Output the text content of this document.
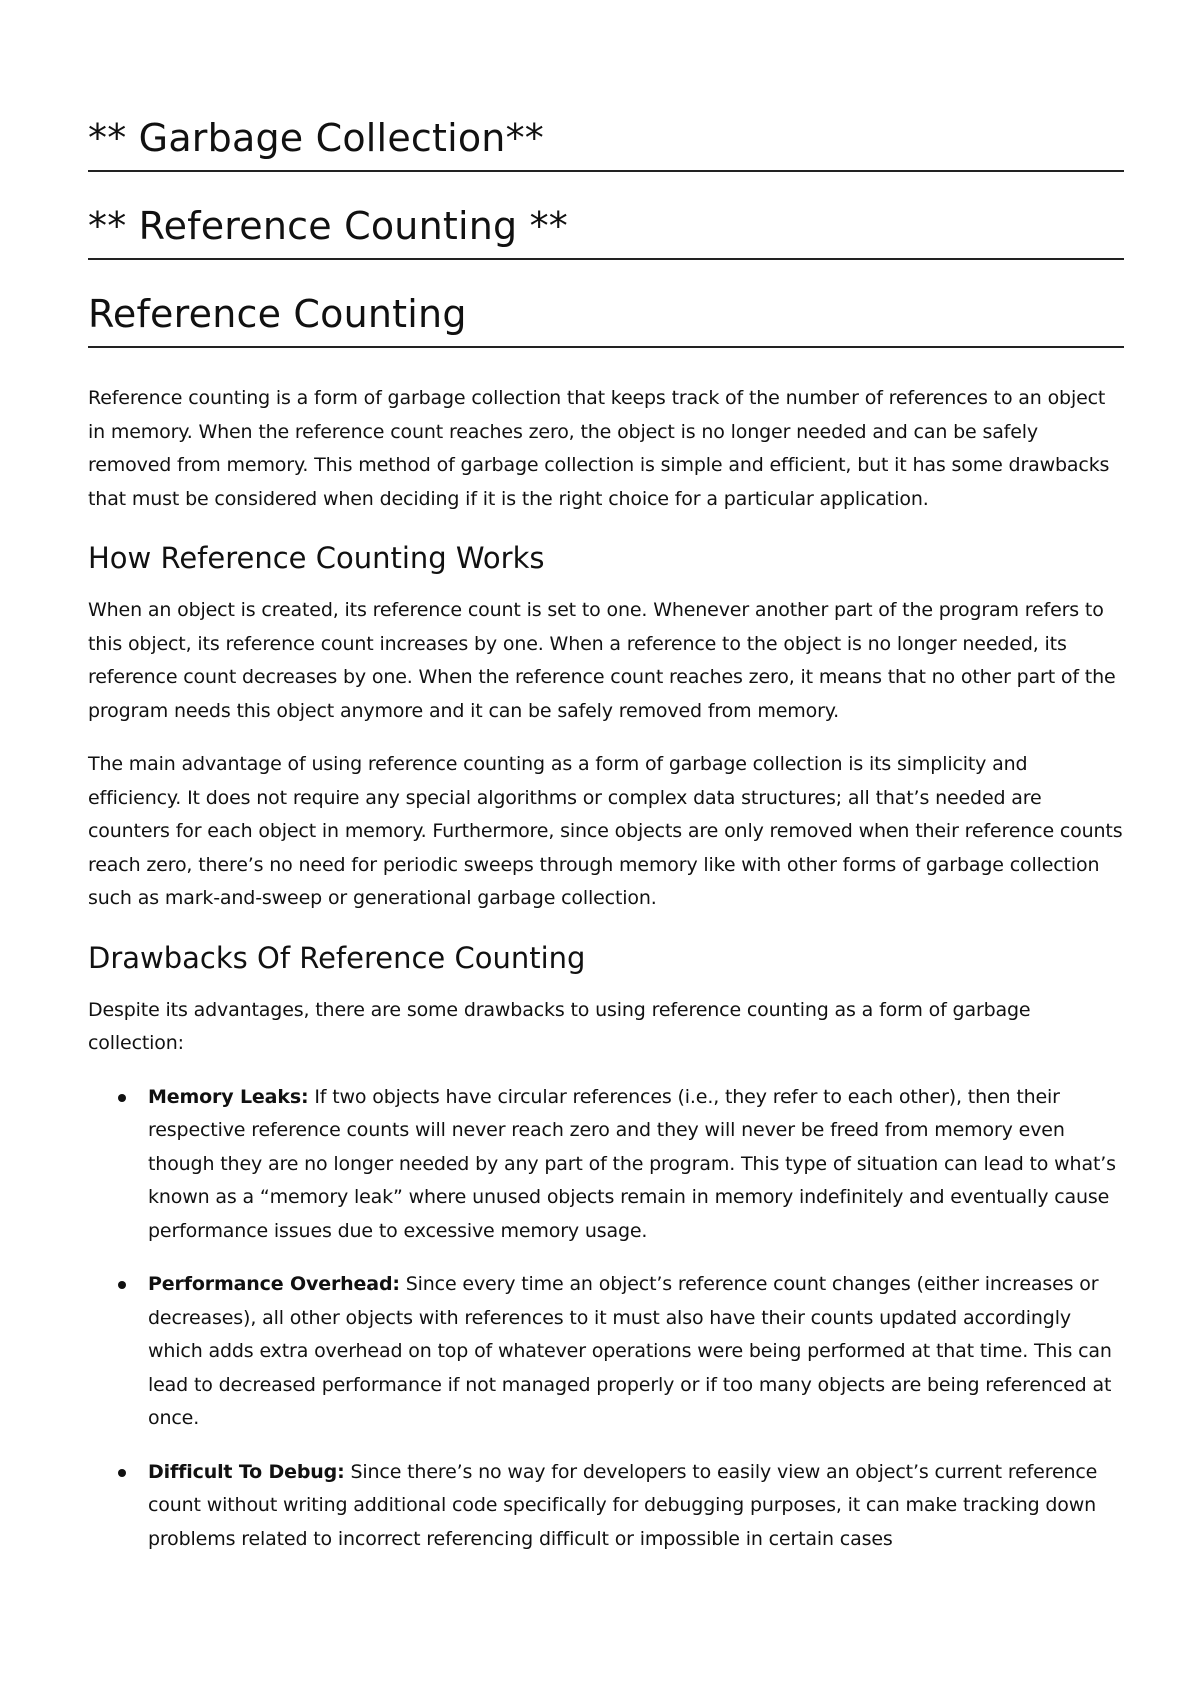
** Garbage Collection**
** Reference Counting **
Reference Counting

Reference counting is a form of garbage collection that keeps track of the number of references to an object in memory. When the reference count reaches zero, the object is no longer needed and can be safely removed from memory. This method of garbage collection is simple and efficient, but it has some drawbacks that must be considered when deciding if it is the right choice for a particular application.

How Reference Counting Works

When an object is created, its reference count is set to one. Whenever another part of the program refers to this object, its reference count increases by one. When a reference to the object is no longer needed, its reference count decreases by one. When the reference count reaches zero, it means that no other part of the program needs this object anymore and it can be safely removed from memory.

The main advantage of using reference counting as a form of garbage collection is its simplicity and efficiency. It does not require any special algorithms or complex data structures; all that’s needed are counters for each object in memory. Furthermore, since objects are only removed when their reference counts reach zero, there’s no need for periodic sweeps through memory like with other forms of garbage collection such as mark-and-sweep or generational garbage collection.

Drawbacks Of Reference Counting

Despite its advantages, there are some drawbacks to using reference counting as a form of garbage collection:

Memory Leaks: If two objects have circular references (i.e., they refer to each other), then their respective reference counts will never reach zero and they will never be freed from memory even though they are no longer needed by any part of the program. This type of situation can lead to what’s known as a “memory leak” where unused objects remain in memory indefinitely and eventually cause performance issues due to excessive memory usage.
Performance Overhead: Since every time an object’s reference count changes (either increases or decreases), all other objects with references to it must also have their counts updated accordingly which adds extra overhead on top of whatever operations were being performed at that time. This can lead to decreased performance if not managed properly or if too many objects are being referenced at once.
Difficult To Debug: Since there’s no way for developers to easily view an object’s current reference count without writing additional code specifically for debugging purposes, it can make tracking down problems related to incorrect referencing difficult or impossible in certain cases
